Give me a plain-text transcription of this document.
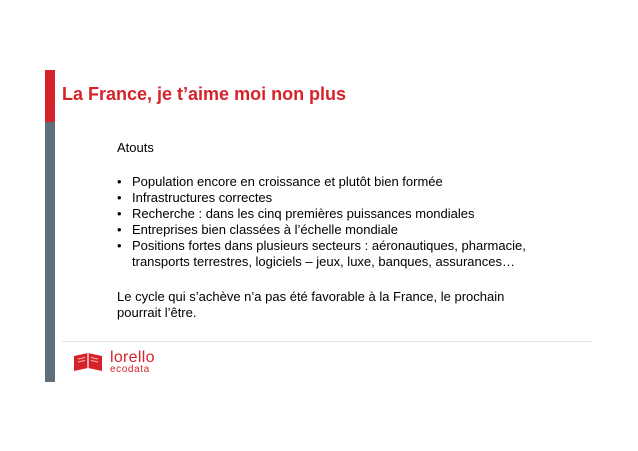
La France, je t’aime moi non plus

Atouts

• Population encore en croissance et plutôt bien formée
• Infrastructures correctes
• Recherche : dans les cinq premières puissances mondiales
• Entreprises bien classées à l’échelle mondiale
• Positions fortes dans plusieurs secteurs : aéronautiques, pharmacie, transports terrestres, logiciels – jeux, luxe, banques, assurances…

Le cycle qui s’achève n’a pas été favorable à la France, le prochain pourrait l’être.

lorello
ecodata
